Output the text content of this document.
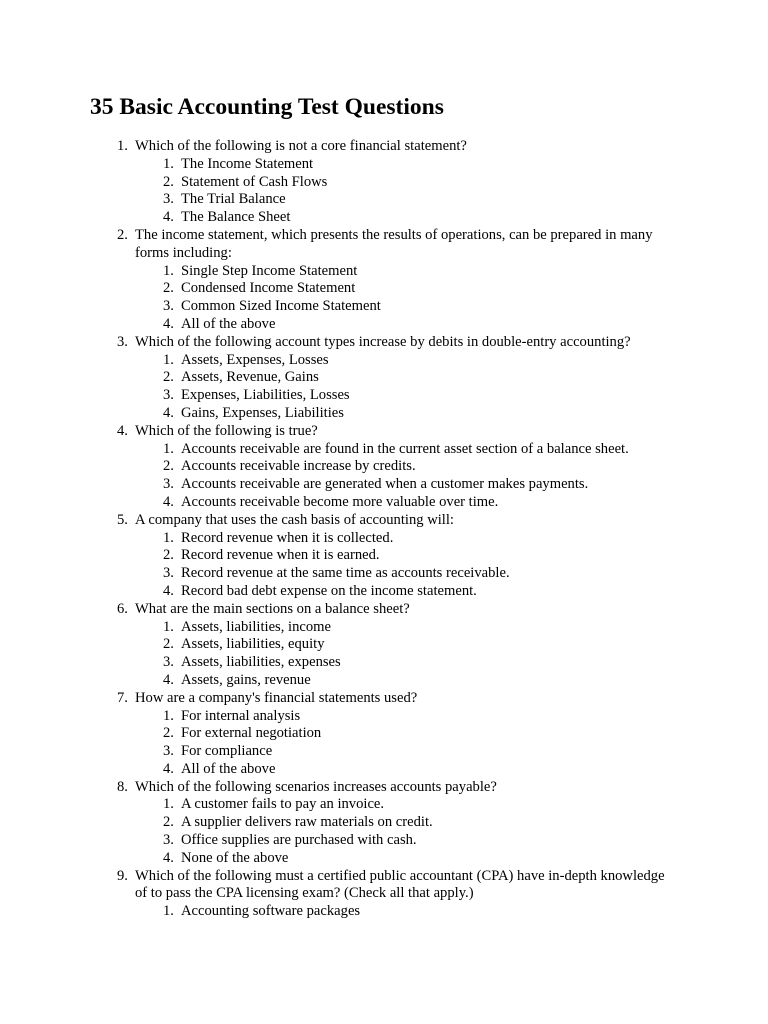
35 Basic Accounting Test Questions
1. Which of the following is not a core financial statement?
1. The Income Statement
2. Statement of Cash Flows
3. The Trial Balance
4. The Balance Sheet
2. The income statement, which presents the results of operations, can be prepared in many forms including:
1. Single Step Income Statement
2. Condensed Income Statement
3. Common Sized Income Statement
4. All of the above
3. Which of the following account types increase by debits in double-entry accounting?
1. Assets, Expenses, Losses
2. Assets, Revenue, Gains
3. Expenses, Liabilities, Losses
4. Gains, Expenses, Liabilities
4. Which of the following is true?
1. Accounts receivable are found in the current asset section of a balance sheet.
2. Accounts receivable increase by credits.
3. Accounts receivable are generated when a customer makes payments.
4. Accounts receivable become more valuable over time.
5. A company that uses the cash basis of accounting will:
1. Record revenue when it is collected.
2. Record revenue when it is earned.
3. Record revenue at the same time as accounts receivable.
4. Record bad debt expense on the income statement.
6. What are the main sections on a balance sheet?
1. Assets, liabilities, income
2. Assets, liabilities, equity
3. Assets, liabilities, expenses
4. Assets, gains, revenue
7. How are a company's financial statements used?
1. For internal analysis
2. For external negotiation
3. For compliance
4. All of the above
8. Which of the following scenarios increases accounts payable?
1. A customer fails to pay an invoice.
2. A supplier delivers raw materials on credit.
3. Office supplies are purchased with cash.
4. None of the above
9. Which of the following must a certified public accountant (CPA) have in-depth knowledge of to pass the CPA licensing exam? (Check all that apply.)
1. Accounting software packages
